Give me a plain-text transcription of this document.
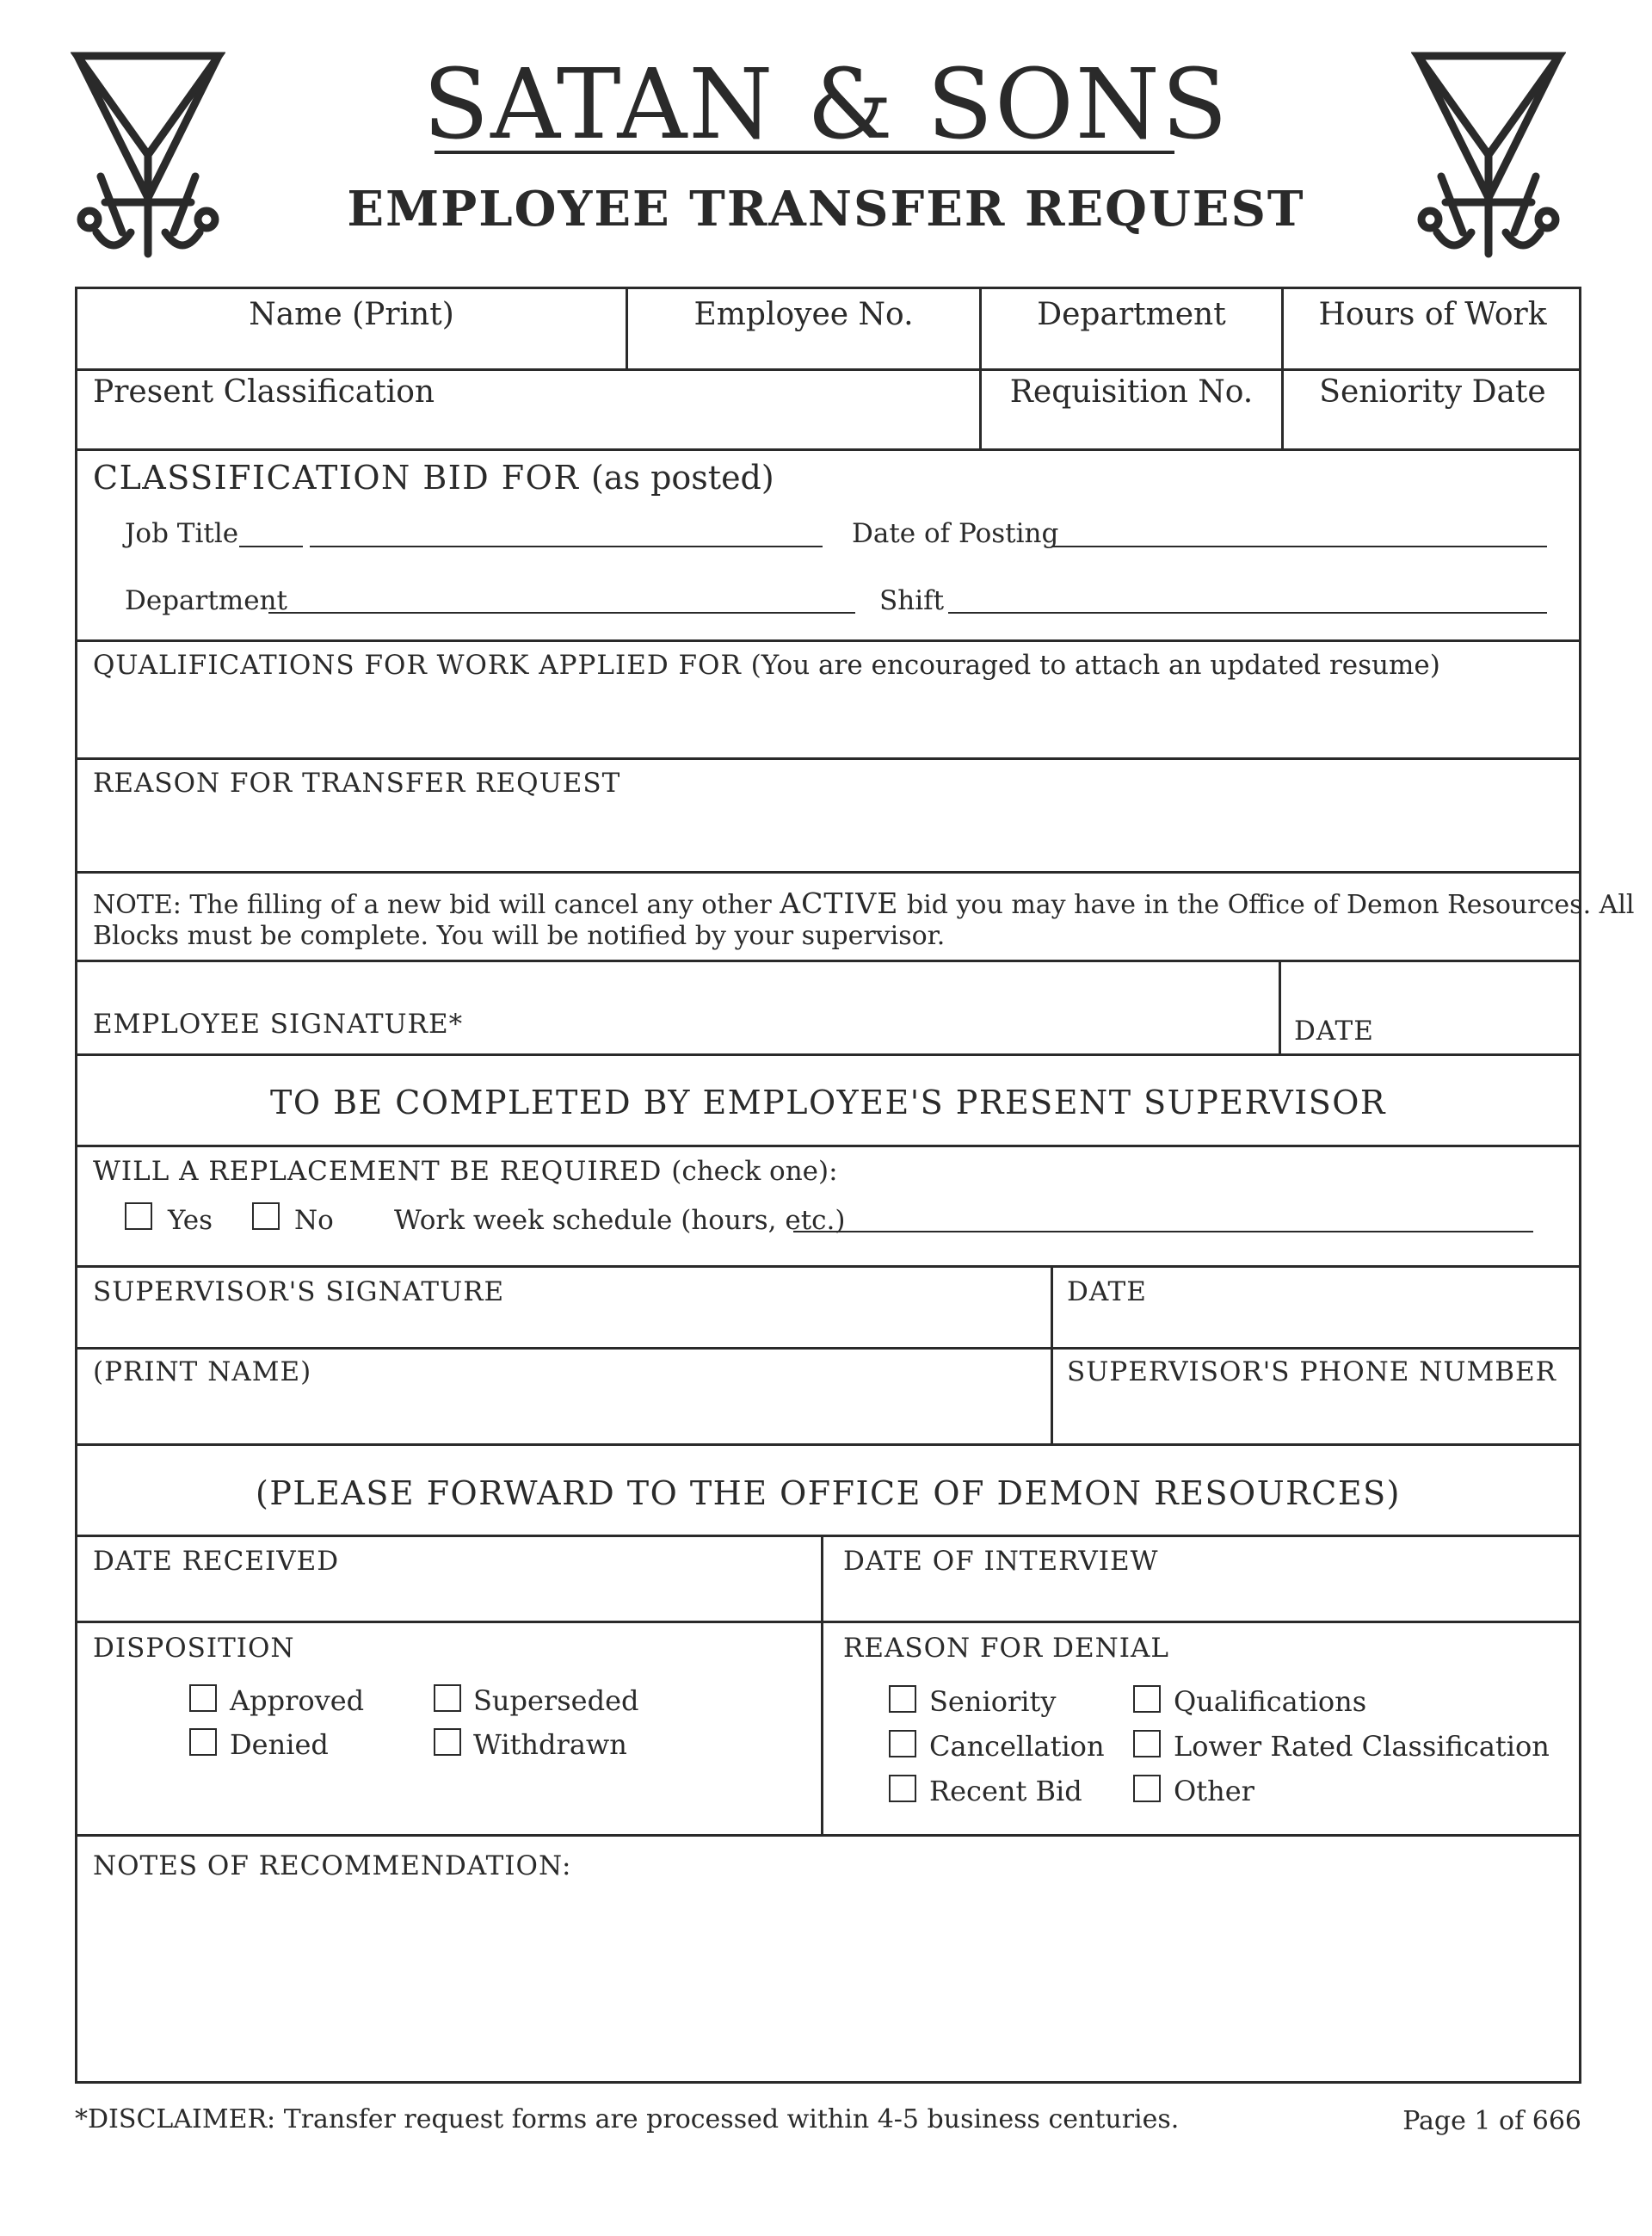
SATAN & SONS
EMPLOYEE TRANSFER REQUEST
Name (Print)	Employee No.	Department	Hours of Work
Present Classification	Requisition No.	Seniority Date
CLASSIFICATION BID FOR (as posted)
Job Title	Date of Posting
Department	Shift
QUALIFICATIONS FOR WORK APPLIED FOR (You are encouraged to attach an updated resume)
REASON FOR TRANSFER REQUEST
NOTE: The filling of a new bid will cancel any other ACTIVE bid you may have in the Office of Demon Resources. All
Blocks must be complete. You will be notified by your supervisor.
EMPLOYEE SIGNATURE*	DATE
TO BE COMPLETED BY EMPLOYEE'S PRESENT SUPERVISOR
WILL A REPLACEMENT BE REQUIRED (check one):
Yes	No Work week schedule (hours, etc.)
SUPERVISOR'S SIGNATURE	DATE
(PRINT NAME)	SUPERVISOR'S PHONE NUMBER
(PLEASE FORWARD TO THE OFFICE OF DEMON RESOURCES)
DATE RECEIVED	DATE OF INTERVIEW
DISPOSITION
Approved	Superseded
Denied	Withdrawn
REASON FOR DENIAL
Seniority	Qualifications
Cancellation	Lower Rated Classification
Recent Bid	Other
NOTES OF RECOMMENDATION:
*DISCLAIMER: Transfer request forms are processed within 4-5 business centuries.	Page 1 of 666
